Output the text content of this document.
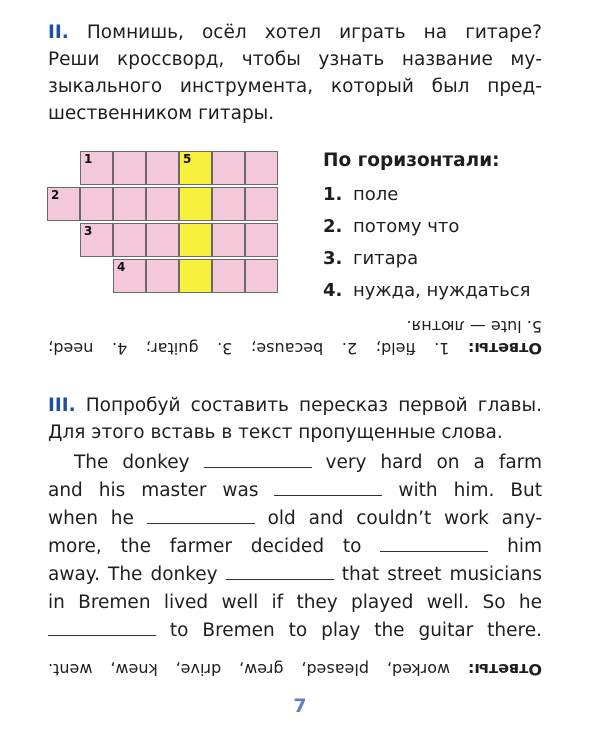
II. Помнишь, осёл хотел играть на гитаре?
Реши кроссворд, чтобы узнать название му-
зыкального инструмента, который был пред-
шественником гитары.
1	5
2
3
4
По горизонтали:
1. поле
2. потому что
3. гитара
4. нужда, нуждаться
5. lute — лютня.
Ответы: 1. field; 2. because; 3. guitar; 4. need;
III. Попробуй составить пересказ первой главы.
Для этого вставь в текст пропущенные слова.
The donkey	very hard on a farm
and his master was	with him. But
when he	old and couldn’t work any-
more, the farmer decided to	him
away. The donkey	that street musicians
in Bremen lived well if they played well. So he
to Bremen to play the guitar there.
Ответы: worked, pleased, grew, drive, knew, went.
7
